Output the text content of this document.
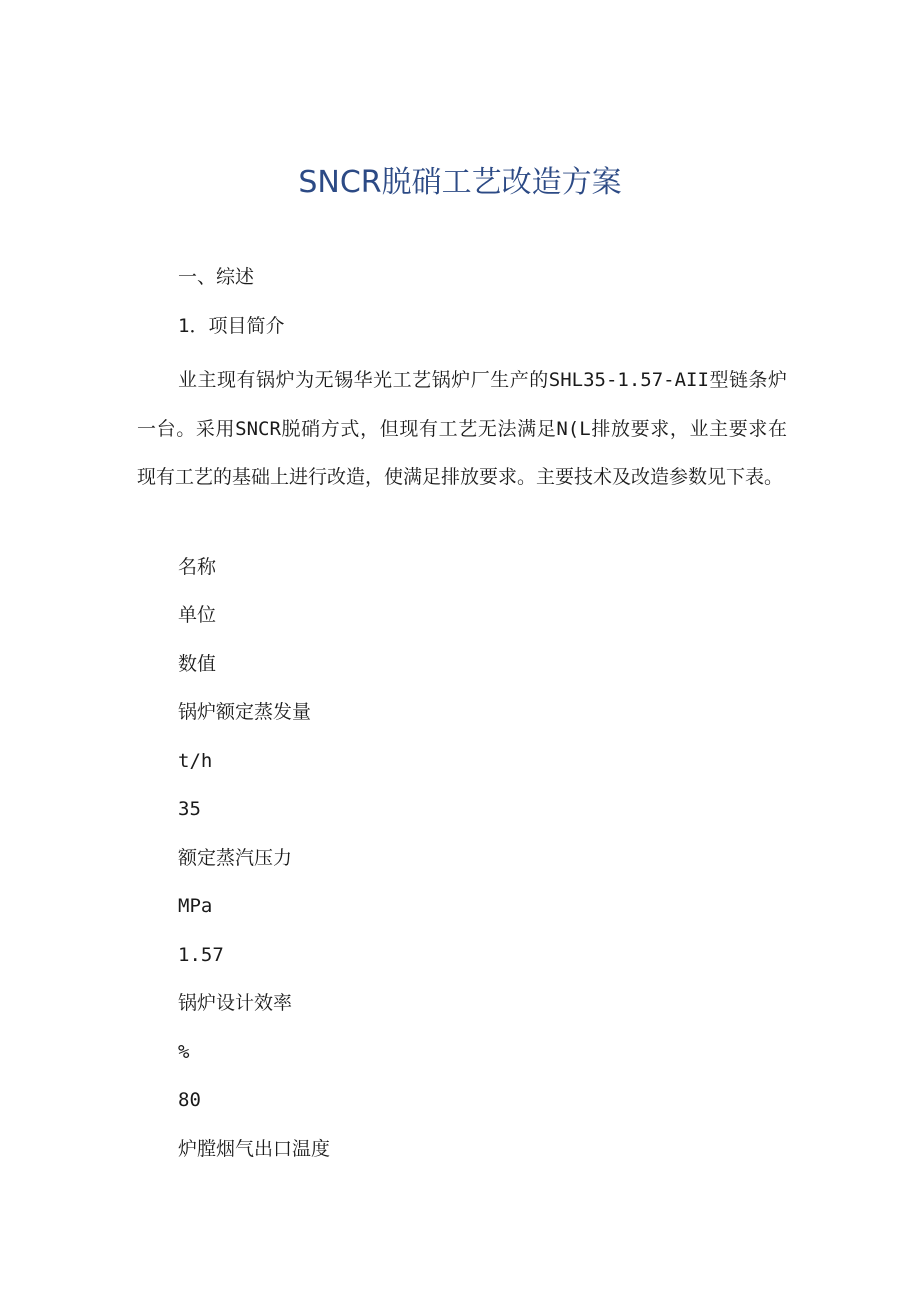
SNCR脱硝工艺改造方案
一、综述
1．项目简介

业主现有锅炉为无锡华光工艺锅炉厂生产的SHL35-1.57-AII型链条炉一台。采用SNCR脱硝方式，但现有工艺无法满足N(L排放要求，业主要求在现有工艺的基础上进行改造，使满足排放要求。主要技术及改造参数见下表。

名称
单位
数值
锅炉额定蒸发量
t/h
35
额定蒸汽压力
MPa
1.57
锅炉设计效率
%
80
炉膛烟气出口温度
